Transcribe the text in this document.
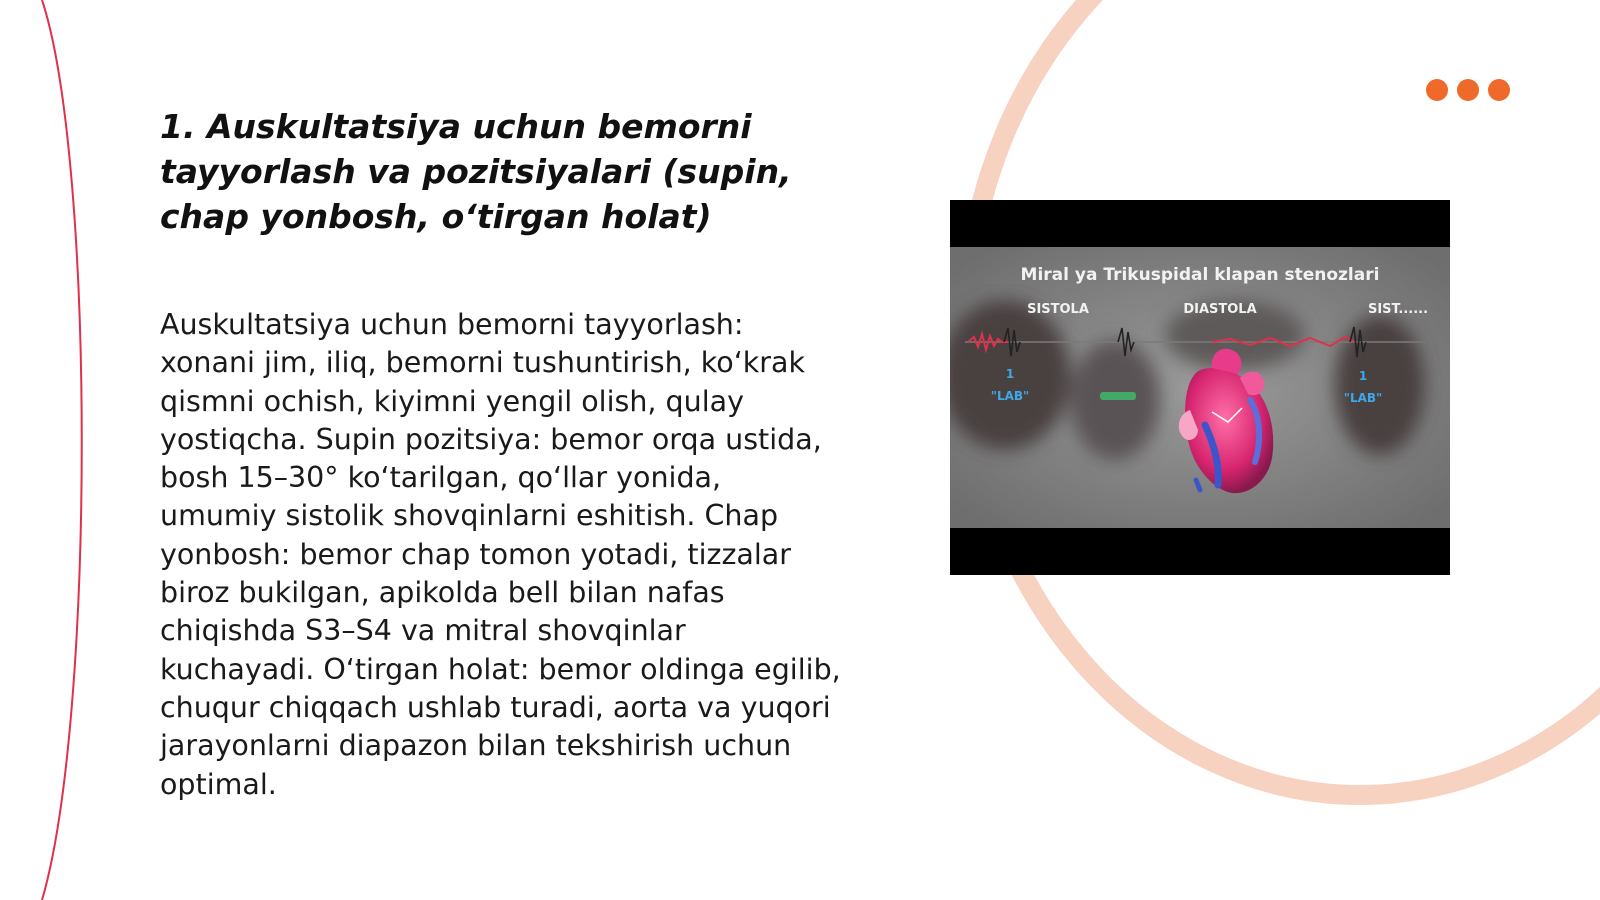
1. Auskultatsiya uchun bemorni tayyorlash va pozitsiyalari (supin, chap yonbosh, o‘tirgan holat)

Auskultatsiya uchun bemorni tayyorlash: xonani jim, iliq, bemorni tushuntirish, ko‘krak qismni ochish, kiyimni yengil olish, qulay yostiqcha. Supin pozitsiya: bemor orqa ustida, bosh 15–30° ko‘tarilgan, qo‘llar yonida, umumiy sistolik shovqinlarni eshitish. Chap yonbosh: bemor chap tomon yotadi, tizzalar biroz bukilgan, apikolda bell bilan nafas chiqishda S3–S4 va mitral shovqinlar kuchayadi. O‘tirgan holat: bemor oldinga egilib, chuqur chiqqach ushlab turadi, aorta va yuqori jarayonlarni diapazon bilan tekshirish uchun optimal.

Miral ya Trikuspidal klapan stenozlari
SISTOLA	DIASTOLA	SIST......
1
"LAB"
1
"LAB"
